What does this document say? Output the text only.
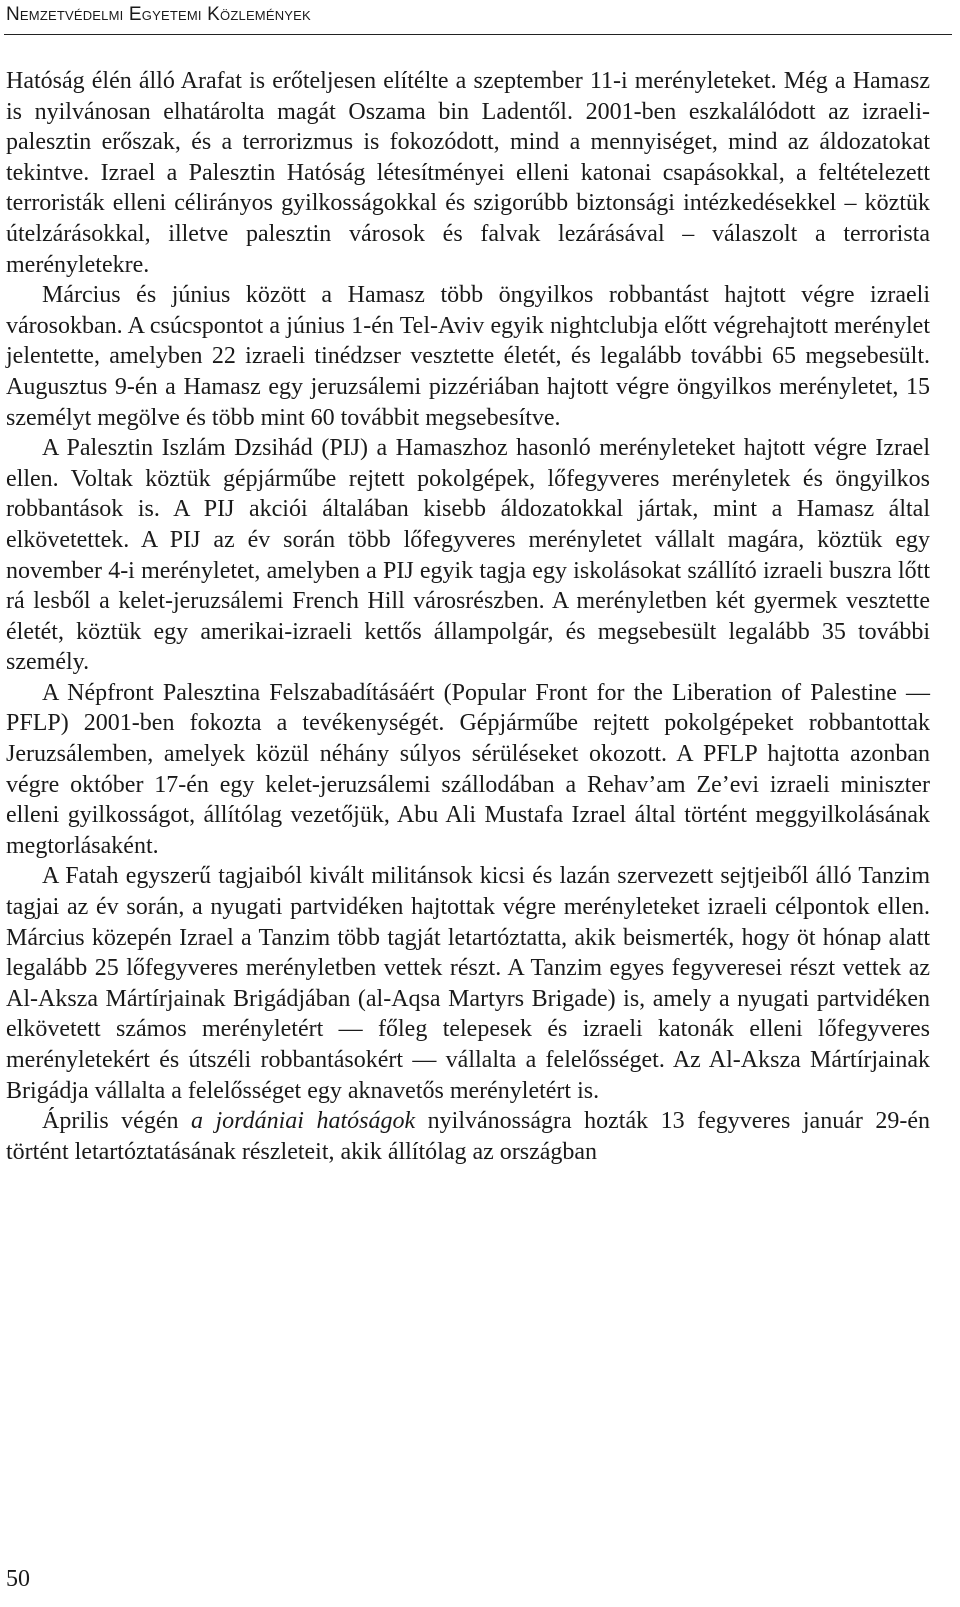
Nemzetvédelmi Egyetemi Közlemények

Hatóság élén álló Arafat is erőteljesen elítélte a szeptember 11-i merényleteket. Még a Hamasz is nyilvánosan elhatárolta magát Oszama bin Ladentől. 2001-ben eszkalálódott az izraeli-palesztin erőszak, és a terrorizmus is fokozódott, mind a mennyiséget, mind az áldozatokat tekintve. Izrael a Palesztin Hatóság létesítményei elleni katonai csapásokkal, a feltételezett terroristák elleni célirányos gyilkosságokkal és szigorúbb biztonsági intézkedésekkel – köztük útelzárásokkal, illetve palesztin városok és falvak lezárásával – válaszolt a terrorista merényletekre.

Március és június között a Hamasz több öngyilkos robbantást hajtott végre izraeli városokban. A csúcspontot a június 1-én Tel-Aviv egyik nightclubja előtt végrehajtott merénylet jelentette, amelyben 22 izraeli tinédzser vesztette életét, és legalább további 65 megsebesült. Augusztus 9-én a Hamasz egy jeruzsálemi pizzériában hajtott végre öngyilkos merényletet, 15 személyt megölve és több mint 60 továbbit megsebesítve.

A Palesztin Iszlám Dzsihád (PIJ) a Hamaszhoz hasonló merényleteket hajtott végre Izrael ellen. Voltak köztük gépjárműbe rejtett pokolgépek, lőfegyveres merényletek és öngyilkos robbantások is. A PIJ akciói általában kisebb áldozatokkal jártak, mint a Hamasz által elkövetettek. A PIJ az év során több lőfegyveres merényletet vállalt magára, köztük egy november 4-i merényletet, amelyben a PIJ egyik tagja egy iskolásokat szállító izraeli buszra lőtt rá lesből a kelet-jeruzsálemi French Hill városrészben. A merényletben két gyermek vesztette életét, köztük egy amerikai-izraeli kettős állampolgár, és megsebesült legalább 35 további személy.

A Népfront Palesztina Felszabadításáért (Popular Front for the Liberation of Palestine — PFLP) 2001-ben fokozta a tevékenységét. Gépjárműbe rejtett pokolgépeket robbantottak Jeruzsálemben, amelyek közül néhány súlyos sérüléseket okozott. A PFLP hajtotta azonban végre október 17-én egy kelet-jeruzsálemi szállodában a Rehav’am Ze’evi izraeli miniszter elleni gyilkosságot, állítólag vezetőjük, Abu Ali Mustafa Izrael által történt meggyilkolásának megtorlásaként.

A Fatah egyszerű tagjaiból kivált militánsok kicsi és lazán szervezett sejtjeiből álló Tanzim tagjai az év során, a nyugati partvidéken hajtottak végre merényleteket izraeli célpontok ellen. Március közepén Izrael a Tanzim több tagját letartóztatta, akik beismerték, hogy öt hónap alatt legalább 25 lőfegyveres merényletben vettek részt. A Tanzim egyes fegyveresei részt vettek az Al-Aksza Mártírjainak Brigádjában (al-Aqsa Martyrs Brigade) is, amely a nyugati partvidéken elkövetett számos merényletért — főleg telepesek és izraeli katonák elleni lőfegyveres merényletekért és útszéli robbantásokért — vállalta a felelősséget. Az Al-Aksza Mártírjainak Brigádja vállalta a felelősséget egy aknavetős merényletért is.

Április végén a jordániai hatóságok nyilvánosságra hozták 13 fegyveres január 29-én történt letartóztatásának részleteit, akik állítólag az országban

50
